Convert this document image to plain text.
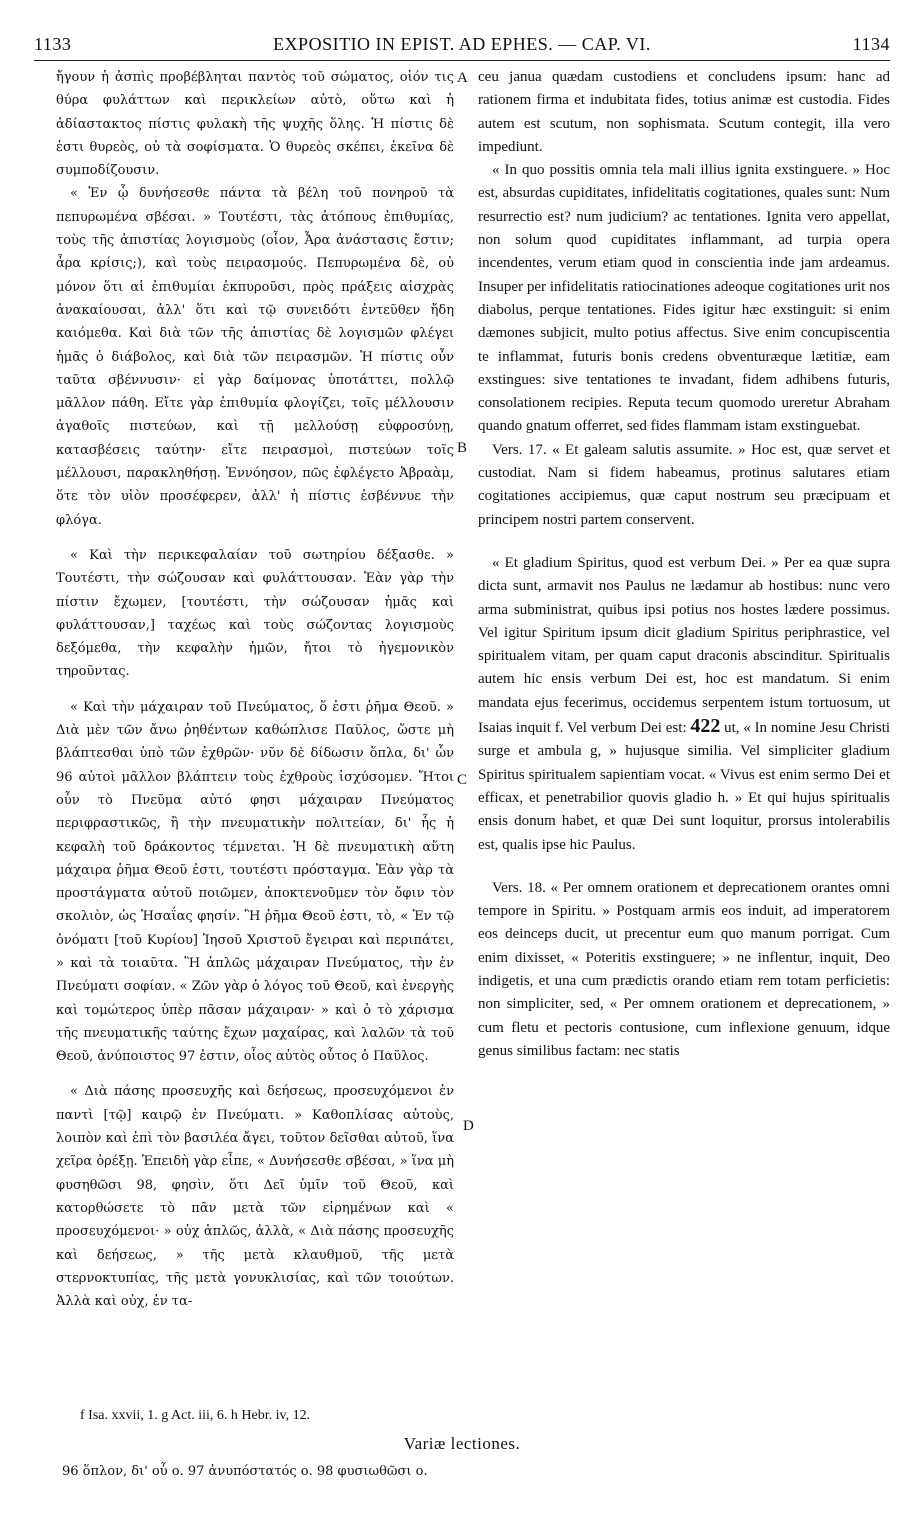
1133	EXPOSITIO IN EPIST. AD EPHES. — CAP. VI.	1134
A
B
C
D

ἤγουν ἡ ἀσπὶς προβέβληται παντὸς τοῦ σώματος, οἱόν τις θύρα φυλάττων καὶ περικλείων αὐτὸ, οὕτω καὶ ἡ ἀδίαστακτος πίστις φυλακὴ τῆς ψυχῆς ὅλης. Ἡ πίστις δὲ ἐστι θυρεὸς, οὐ τὰ σοφίσματα. Ὁ θυρεὸς σκέπει, ἐκεῖνα δὲ συμποδίζουσιν.

« Ἐν ᾧ δυνήσεσθε πάντα τὰ βέλη τοῦ πονηροῦ τὰ πεπυρωμένα σβέσαι. » Τουτέστι, τὰς ἀτόπους ἐπιθυμίας, τοὺς τῆς ἀπιστίας λογισμοὺς (οἷον, Ἆρα ἀνάστασις ἔστιν; ἆρα κρίσις;), καὶ τοὺς πειρασμούς. Πεπυρωμένα δὲ, οὐ μόνον ὅτι αἱ ἐπιθυμίαι ἐκπυροῦσι, πρὸς πράξεις αἰσχρὰς ἀνακαίουσαι, ἀλλ' ὅτι καὶ τῷ συνειδότι ἐντεῦθεν ἤδη καιόμεθα. Καὶ διὰ τῶν τῆς ἀπιστίας δὲ λογισμῶν φλέγει ἡμᾶς ὁ διάβολος, καὶ διὰ τῶν πειρασμῶν. Ἡ πίστις οὖν ταῦτα σβέννυσιν· εἰ γὰρ δαίμονας ὑποτάττει, πολλῷ μᾶλλον πάθη. Εἴτε γὰρ ἐπιθυμία φλογίζει, τοῖς μέλλουσιν ἀγαθοῖς πιστεύων, καὶ τῇ μελλούσῃ εὐφροσύνῃ, κατασβέσεις ταύτην· εἴτε πειρασμοὶ, πιστεύων τοῖς μέλλουσι, παρακληθήσῃ. Ἐννόησον, πῶς ἐφλέγετο Ἀβραὰμ, ὅτε τὸν υἱὸν προσέφερεν, ἀλλ' ἡ πίστις ἐσβέννυε τὴν φλόγα.

« Καὶ τὴν περικεφαλαίαν τοῦ σωτηρίου δέξασθε. » Τουτέστι, τὴν σώζουσαν καὶ φυλάττουσαν. Ἐὰν γὰρ τὴν πίστιν ἔχωμεν, [τουτέστι, τὴν σώζουσαν ἡμᾶς καὶ φυλάττουσαν,] ταχέως καὶ τοὺς σώζοντας λογισμοὺς δεξόμεθα, τὴν κεφαλὴν ἡμῶν, ἤτοι τὸ ἡγεμονικὸν τηροῦντας.

« Καὶ τὴν μάχαιραν τοῦ Πνεύματος, ὅ ἐστι ῥῆμα Θεοῦ. » Διὰ μὲν τῶν ἄνω ῥηθέντων καθώπλισε Παῦλος, ὥστε μὴ βλάπτεσθαι ὑπὸ τῶν ἐχθρῶν· νῦν δὲ δίδωσιν ὅπλα, δι' ὧν 96 αὐτοὶ μᾶλλον βλάπτειν τοὺς ἐχθροὺς ἰσχύσομεν. Ἤτοι οὖν τὸ Πνεῦμα αὐτό φησι μάχαιραν Πνεύματος περιφραστικῶς, ἢ τὴν πνευματικὴν πολιτείαν, δι' ἧς ἡ κεφαλὴ τοῦ δράκοντος τέμνεται. Ἡ δὲ πνευματικὴ αὕτη μάχαιρα ῥῆμα Θεοῦ ἐστι, τουτέστι πρόσταγμα. Ἐὰν γὰρ τὰ προστάγματα αὐτοῦ ποιῶμεν, ἀποκτενοῦμεν τὸν ὄφιν τὸν σκολιὸν, ὡς Ἡσαΐας φησίν. Ἢ ῥῆμα Θεοῦ ἐστι, τὸ, « Ἐν τῷ ὀνόματι [τοῦ Κυρίου] Ἰησοῦ Χριστοῦ ἔγειραι καὶ περιπάτει, » καὶ τὰ τοιαῦτα. Ἢ ἁπλῶς μάχαιραν Πνεύματος, τὴν ἐν Πνεύματι σοφίαν. « Ζῶν γὰρ ὁ λόγος τοῦ Θεοῦ, καὶ ἐνεργὴς καὶ τομώτερος ὑπὲρ πᾶσαν μάχαιραν· » καὶ ὁ τὸ χάρισμα τῆς πνευματικῆς ταύτης ἔχων μαχαίρας, καὶ λαλῶν τὰ τοῦ Θεοῦ, ἀνύποιστος 97 ἐστιν, οἷος αὐτὸς οὗτος ὁ Παῦλος.

« Διὰ πάσης προσευχῆς καὶ δεήσεως, προσευχόμενοι ἐν παντὶ [τῷ] καιρῷ ἐν Πνεύματι. » Καθοπλίσας αὐτοὺς, λοιπὸν καὶ ἐπὶ τὸν βασιλέα ἄγει, τοῦτον δεῖσθαι αὐτοῦ, ἵνα χεῖρα ὀρέξῃ. Ἐπειδὴ γὰρ εἶπε, « Δυνήσεσθε σβέσαι, » ἵνα μὴ φυσηθῶσι 98, φησὶν, ὅτι Δεῖ ὑμῖν τοῦ Θεοῦ, καὶ κατορθώσετε τὸ πᾶν μετὰ τῶν εἰρημένων καὶ « προσευχόμενοι· » οὐχ ἁπλῶς, ἀλλὰ, « Διὰ πάσης προσευχῆς καὶ δεήσεως, » τῆς μετὰ κλαυθμοῦ, τῆς μετὰ στερνοκτυπίας, τῆς μετὰ γονυκλισίας, καὶ τῶν τοιούτων. Ἀλλὰ καὶ οὐχ, ἐν τα-

ceu janua quædam custodiens et concludens ipsum: hanc ad rationem firma et indubitata fides, totius animæ est custodia. Fides autem est scutum, non sophismata. Scutum contegit, illa vero impediunt.

« In quo possitis omnia tela mali illius ignita exstinguere. » Hoc est, absurdas cupiditates, infidelitatis cogitationes, quales sunt: Num resurrectio est? num judicium? ac tentationes. Ignita vero appellat, non solum quod cupiditates inflammant, ad turpia opera incendentes, verum etiam quod in conscientia inde jam ardeamus. Insuper per infidelitatis ratiocinationes adeoque cogitationes urit nos diabolus, perque tentationes. Fides igitur hæc exstinguit: si enim dæmones subjicit, multo potius affectus. Sive enim concupiscentia te inflammat, futuris bonis credens obventuræque lætitiæ, eam exstingues: sive tentationes te invadant, fidem adhibens futuris, consolationem recipies. Reputa tecum quomodo ureretur Abraham quando gnatum offerret, sed fides flammam istam exstinguebat.

Vers. 17. « Et galeam salutis assumite. » Hoc est, quæ servet et custodiat. Nam si fidem habeamus, protinus salutares etiam cogitationes accipiemus, quæ caput nostrum seu præcipuam et principem nostri partem conservent.

« Et gladium Spiritus, quod est verbum Dei. » Per ea quæ supra dicta sunt, armavit nos Paulus ne lædamur ab hostibus: nunc vero arma subministrat, quibus ipsi potius nos hostes lædere possimus. Vel igitur Spiritum ipsum dicit gladium Spiritus periphrastice, vel spiritualem vitam, per quam caput draconis abscinditur. Spiritualis autem hic ensis verbum Dei est, hoc est mandatum. Si enim mandata ejus fecerimus, occidemus serpentem istum tortuosum, ut Isaias inquit f. Vel verbum Dei est: 422 ut, « In nomine Jesu Christi surge et ambula g, » hujusque similia. Vel simpliciter gladium Spiritus spiritualem sapientiam vocat. « Vivus est enim sermo Dei et efficax, et penetrabilior quovis gladio h. » Et qui hujus spiritualis ensis donum habet, et quæ Dei sunt loquitur, prorsus intolerabilis est, qualis ipse hic Paulus.

Vers. 18. « Per omnem orationem et deprecationem orantes omni tempore in Spiritu. » Postquam armis eos induit, ad imperatorem eos deinceps ducit, ut precentur eum quo manum porrigat. Cum enim dixisset, « Poteritis exstinguere; » ne inflentur, inquit, Deo indigetis, et una cum prædictis orando etiam rem totam perficietis: non simpliciter, sed, « Per omnem orationem et deprecationem, » cum fletu et pectoris contusione, cum inflexione genuum, idque genus similibus factam: nec statis

f Isa. xxvii, 1. g Act. iii, 6. h Hebr. iv, 12.
Variæ lectiones.
96 ὅπλον, δι' οὗ ο. 97 ἀνυπόστατός ο. 98 φυσιωθῶσι ο.
